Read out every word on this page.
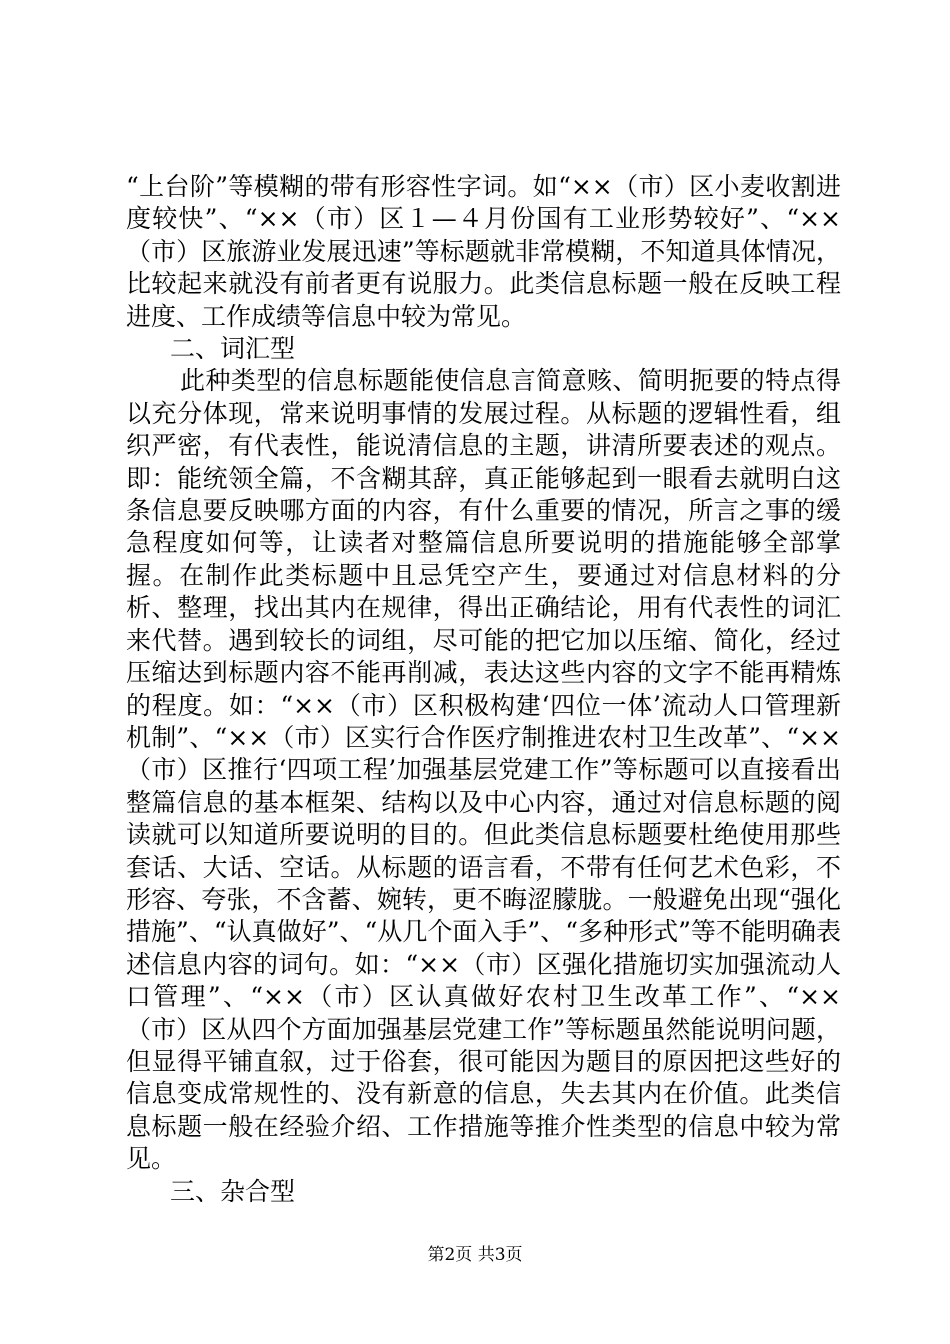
“上台阶”等模糊的带有形容性字词。如“××（市）区小麦收割进度较快”、“××（市）区１—４月份国有工业形势较好”、“××（市）区旅游业发展迅速”等标题就非常模糊，不知道具体情况，比较起来就没有前者更有说服力。此类信息标题一般在反映工程进度、工作成绩等信息中较为常见。

二、词汇型

此种类型的信息标题能使信息言简意赅、简明扼要的特点得以充分体现，常来说明事情的发展过程。从标题的逻辑性看，组织严密，有代表性，能说清信息的主题，讲清所要表述的观点。即：能统领全篇，不含糊其辞，真正能够起到一眼看去就明白这条信息要反映哪方面的内容，有什么重要的情况，所言之事的缓急程度如何等，让读者对整篇信息所要说明的措施能够全部掌握。在制作此类标题中且忌凭空产生，要通过对信息材料的分析、整理，找出其内在规律，得出正确结论，用有代表性的词汇来代替。遇到较长的词组，尽可能的把它加以压缩、简化，经过压缩达到标题内容不能再削减，表达这些内容的文字不能再精炼的程度。如：“××（市）区积极构建‘四位一体’流动人口管理新机制”、“××（市）区实行合作医疗制推进农村卫生改革”、“××（市）区推行‘四项工程’加强基层党建工作”等标题可以直接看出整篇信息的基本框架、结构以及中心内容，通过对信息标题的阅读就可以知道所要说明的目的。但此类信息标题要杜绝使用那些套话、大话、空话。从标题的语言看，不带有任何艺术色彩，不形容、夸张，不含蓄、婉转，更不晦涩朦胧。一般避免出现“强化措施”、“认真做好”、“从几个面入手”、“多种形式”等不能明确表述信息内容的词句。如：“××（市）区强化措施切实加强流动人口管理”、“××（市）区认真做好农村卫生改革工作”、“××（市）区从四个方面加强基层党建工作”等标题虽然能说明问题，但显得平铺直叙，过于俗套，很可能因为题目的原因把这些好的信息变成常规性的、没有新意的信息，失去其内在价值。此类信息标题一般在经验介绍、工作措施等推介性类型的信息中较为常见。

三、杂合型

第2页 共3页
